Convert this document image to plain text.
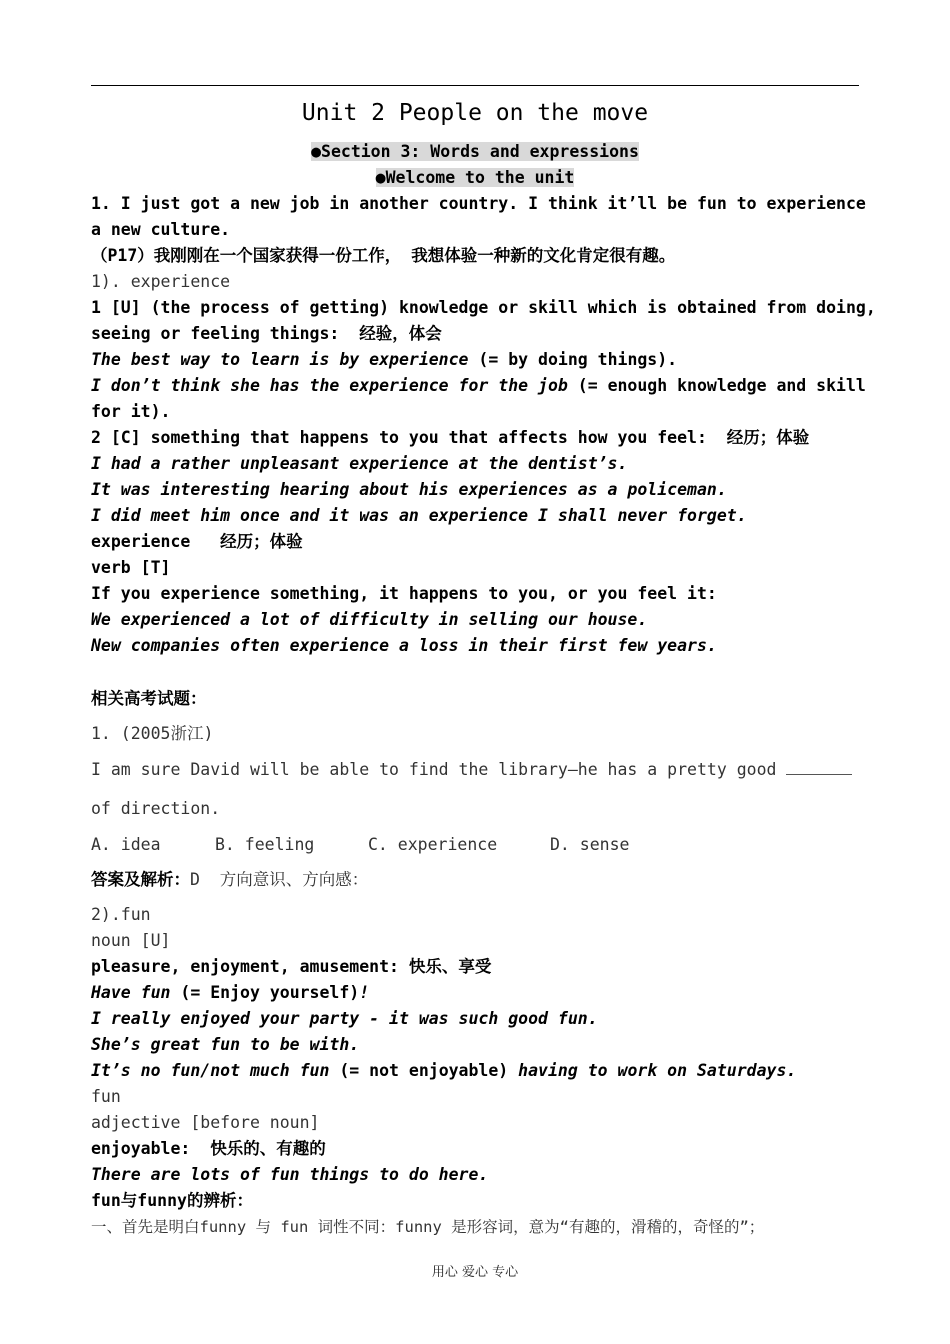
Unit 2 People on the move
●Section 3: Words and expressions
●Welcome to the unit
1. I just got a new job in another country. I think it’ll be fun to experience
a new culture.
（P17）我刚刚在一个国家获得一份工作， 我想体验一种新的文化肯定很有趣。
1). experience
1 [U] (the process of getting) knowledge or skill which is obtained from doing,
seeing or feeling things:  经验，体会
The best way to learn is by experience (= by doing things).
I don’t think she has the experience for the job (= enough knowledge and skill
for it).
2 [C] something that happens to you that affects how you feel:  经历；体验
I had a rather unpleasant experience at the dentist’s.
It was interesting hearing about his experiences as a policeman.
I did meet him once and it was an experience I shall never forget.
experience   经历；体验
verb [T]
If you experience something, it happens to you, or you feel it:
We experienced a lot of difficulty in selling our house.
New companies often experience a loss in their first few years.
相关高考试题：
1. (2005浙江)
I am sure David will be able to find the library—he has a pretty good
of direction.
A. idea	B. feeling	C. experience	D. sense
答案及解析：D  方向意识、方向感：
2).fun
noun [U]
pleasure, enjoyment, amusement: 快乐、享受
Have fun (= Enjoy yourself)!
I really enjoyed your party - it was such good fun.
She’s great fun to be with.
It’s no fun/not much fun (= not enjoyable) having to work on Saturdays.
fun
adjective [before noun]
enjoyable:  快乐的、有趣的
There are lots of fun things to do here.
fun与funny的辨析：
一、首先是明白funny 与 fun 词性不同：funny 是形容词，意为“有趣的，滑稽的，奇怪的”；
用心 爱心 专心
